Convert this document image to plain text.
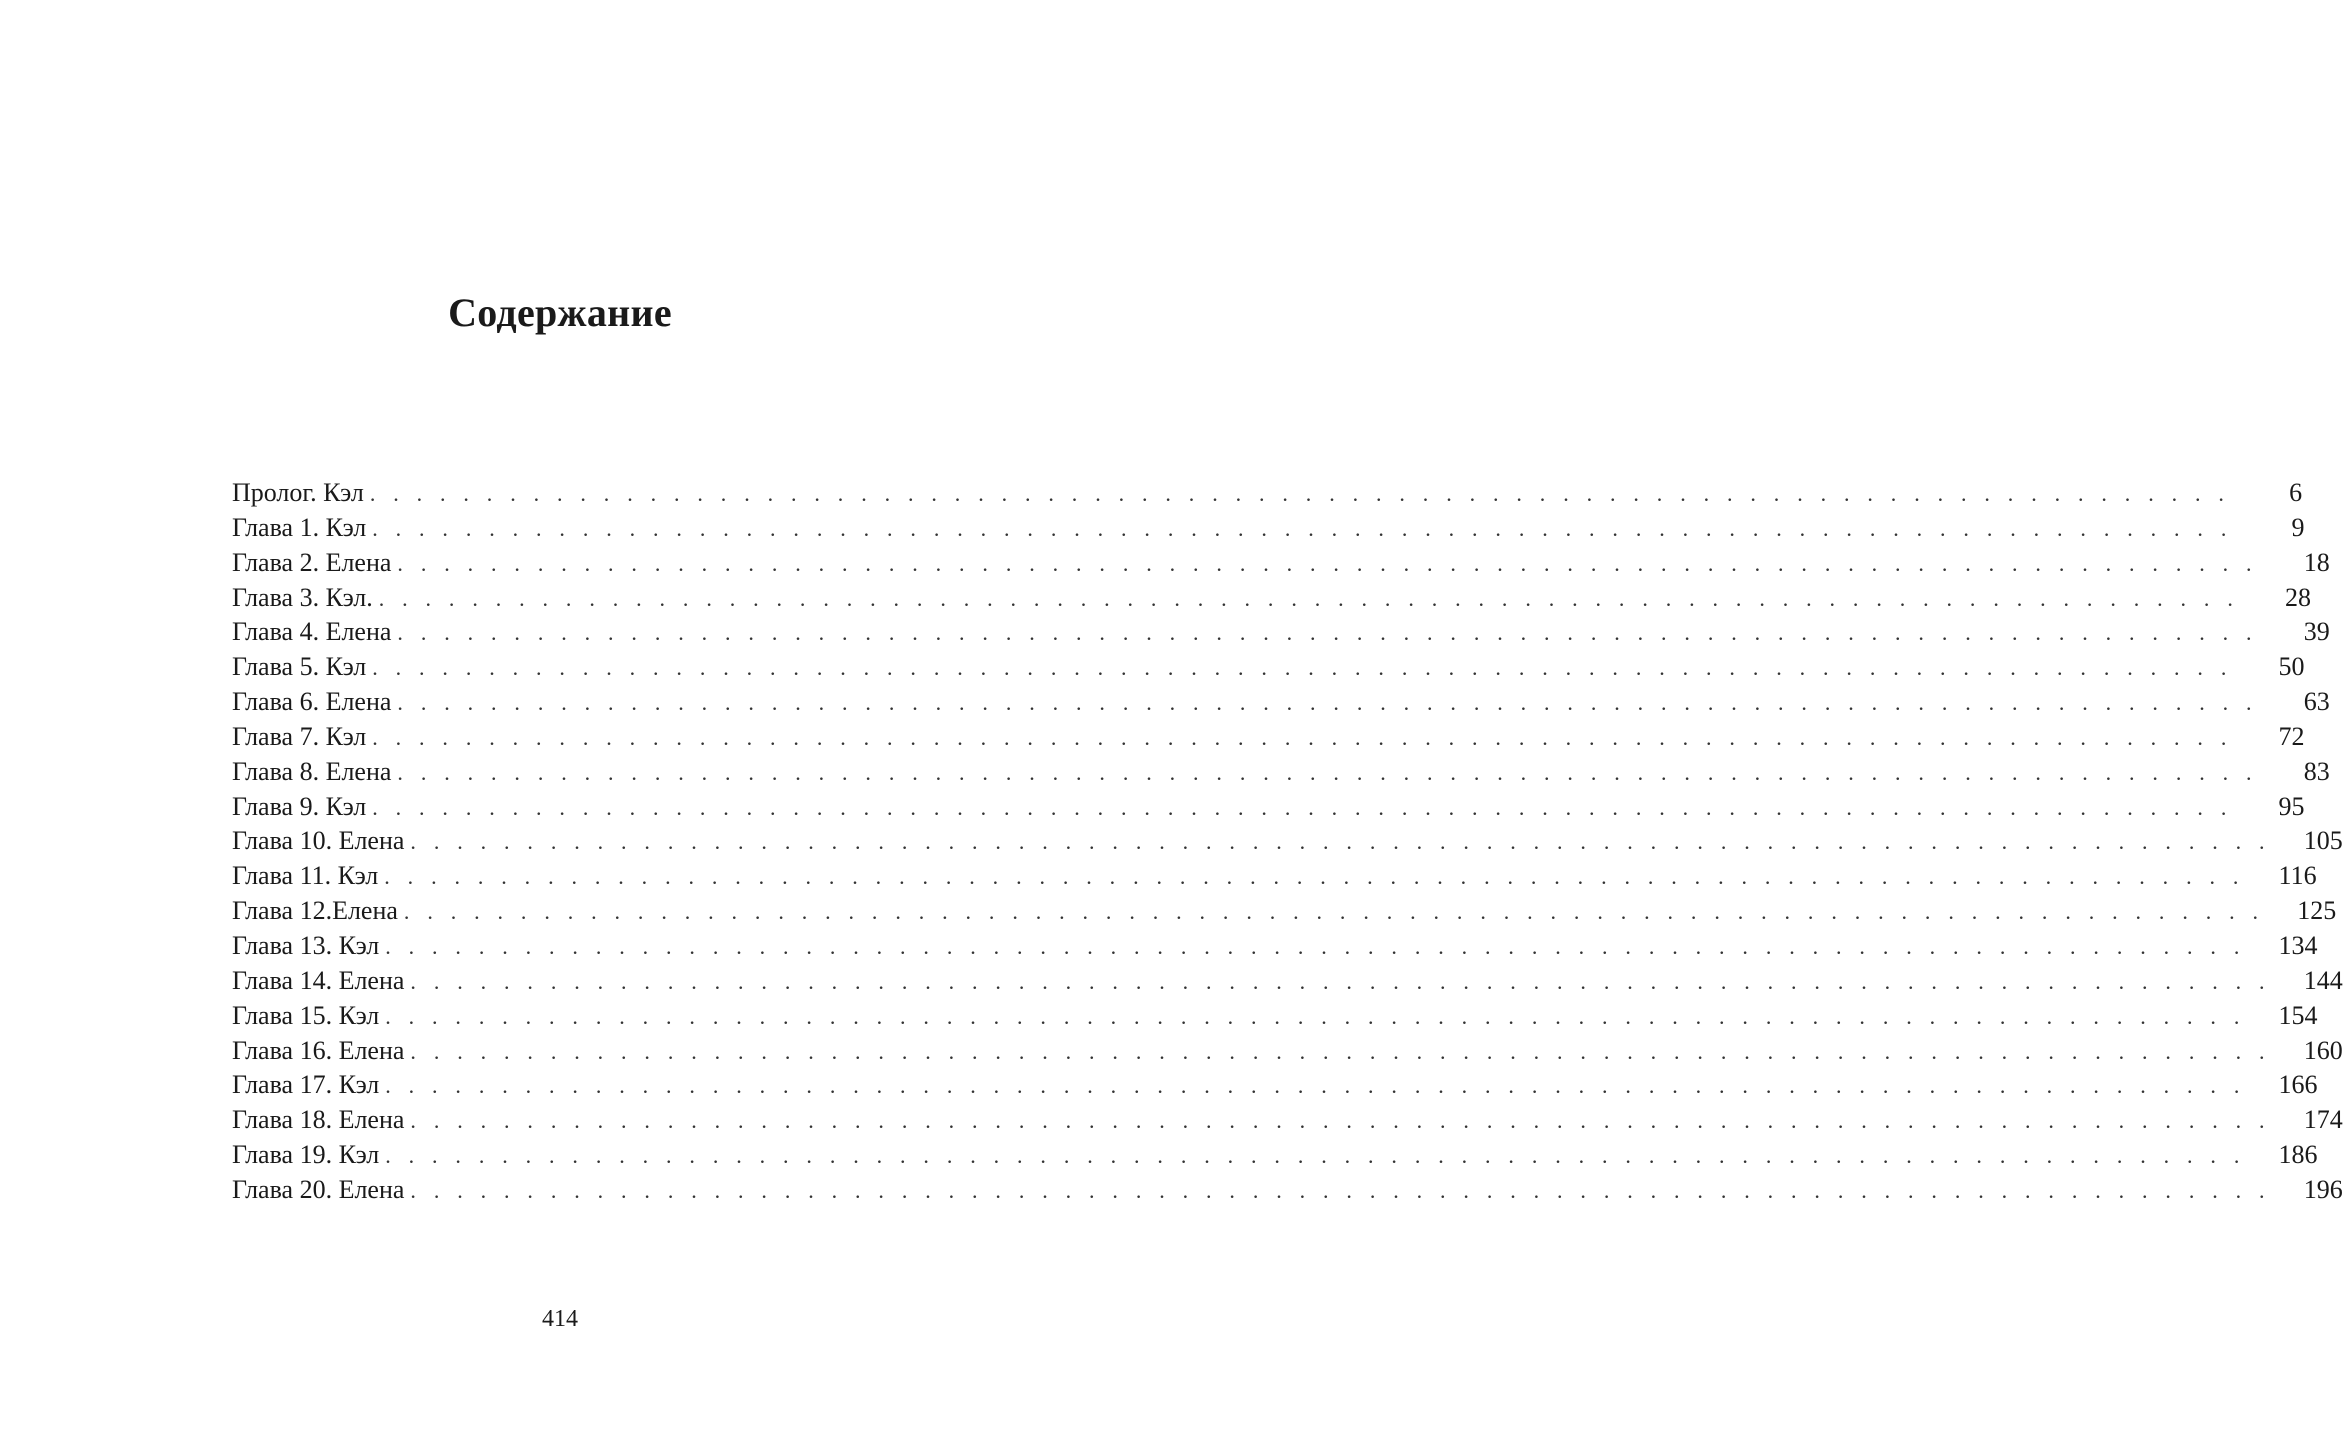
Содержание
Пролог. Кэл . . . . . . . . . . . . . . . . . . . . . . . . . . . . . . . . . . . . . . . . . . . . . . . . . . . . . . . . . . . . . . . . . . . . . . . . . . . . . . . .	6
Глава 1. Кэл . . . . . . . . . . . . . . . . . . . . . . . . . . . . . . . . . . . . . . . . . . . . . . . . . . . . . . . . . . . . . . . . . . . . . . . . . . . . . . . .	9
Глава 2. Елена . . . . . . . . . . . . . . . . . . . . . . . . . . . . . . . . . . . . . . . . . . . . . . . . . . . . . . . . . . . . . . . . . . . . . . . . . . . . . . . .	18
Глава 3. Кэл. . . . . . . . . . . . . . . . . . . . . . . . . . . . . . . . . . . . . . . . . . . . . . . . . . . . . . . . . . . . . . . . . . . . . . . . . . . . . . . . .	28
Глава 4. Елена . . . . . . . . . . . . . . . . . . . . . . . . . . . . . . . . . . . . . . . . . . . . . . . . . . . . . . . . . . . . . . . . . . . . . . . . . . . . . . . .	39
Глава 5. Кэл . . . . . . . . . . . . . . . . . . . . . . . . . . . . . . . . . . . . . . . . . . . . . . . . . . . . . . . . . . . . . . . . . . . . . . . . . . . . . . . .	50
Глава 6. Елена . . . . . . . . . . . . . . . . . . . . . . . . . . . . . . . . . . . . . . . . . . . . . . . . . . . . . . . . . . . . . . . . . . . . . . . . . . . . . . . .	63
Глава 7. Кэл . . . . . . . . . . . . . . . . . . . . . . . . . . . . . . . . . . . . . . . . . . . . . . . . . . . . . . . . . . . . . . . . . . . . . . . . . . . . . . . .	72
Глава 8. Елена . . . . . . . . . . . . . . . . . . . . . . . . . . . . . . . . . . . . . . . . . . . . . . . . . . . . . . . . . . . . . . . . . . . . . . . . . . . . . . . .	83
Глава 9. Кэл . . . . . . . . . . . . . . . . . . . . . . . . . . . . . . . . . . . . . . . . . . . . . . . . . . . . . . . . . . . . . . . . . . . . . . . . . . . . . . . .	95
Глава 10. Елена . . . . . . . . . . . . . . . . . . . . . . . . . . . . . . . . . . . . . . . . . . . . . . . . . . . . . . . . . . . . . . . . . . . . . . . . . . . . . . . .	105
Глава 11. Кэл . . . . . . . . . . . . . . . . . . . . . . . . . . . . . . . . . . . . . . . . . . . . . . . . . . . . . . . . . . . . . . . . . . . . . . . . . . . . . . . .	116
Глава 12.Елена . . . . . . . . . . . . . . . . . . . . . . . . . . . . . . . . . . . . . . . . . . . . . . . . . . . . . . . . . . . . . . . . . . . . . . . . . . . . . . . .	125
Глава 13. Кэл . . . . . . . . . . . . . . . . . . . . . . . . . . . . . . . . . . . . . . . . . . . . . . . . . . . . . . . . . . . . . . . . . . . . . . . . . . . . . . . .	134
Глава 14. Елена . . . . . . . . . . . . . . . . . . . . . . . . . . . . . . . . . . . . . . . . . . . . . . . . . . . . . . . . . . . . . . . . . . . . . . . . . . . . . . . .	144
Глава 15. Кэл . . . . . . . . . . . . . . . . . . . . . . . . . . . . . . . . . . . . . . . . . . . . . . . . . . . . . . . . . . . . . . . . . . . . . . . . . . . . . . . .	154
Глава 16. Елена . . . . . . . . . . . . . . . . . . . . . . . . . . . . . . . . . . . . . . . . . . . . . . . . . . . . . . . . . . . . . . . . . . . . . . . . . . . . . . . .	160
Глава 17. Кэл . . . . . . . . . . . . . . . . . . . . . . . . . . . . . . . . . . . . . . . . . . . . . . . . . . . . . . . . . . . . . . . . . . . . . . . . . . . . . . . .	166
Глава 18. Елена . . . . . . . . . . . . . . . . . . . . . . . . . . . . . . . . . . . . . . . . . . . . . . . . . . . . . . . . . . . . . . . . . . . . . . . . . . . . . . . .	174
Глава 19. Кэл . . . . . . . . . . . . . . . . . . . . . . . . . . . . . . . . . . . . . . . . . . . . . . . . . . . . . . . . . . . . . . . . . . . . . . . . . . . . . . . .	186
Глава 20. Елена . . . . . . . . . . . . . . . . . . . . . . . . . . . . . . . . . . . . . . . . . . . . . . . . . . . . . . . . . . . . . . . . . . . . . . . . . . . . . . . .	196
414
